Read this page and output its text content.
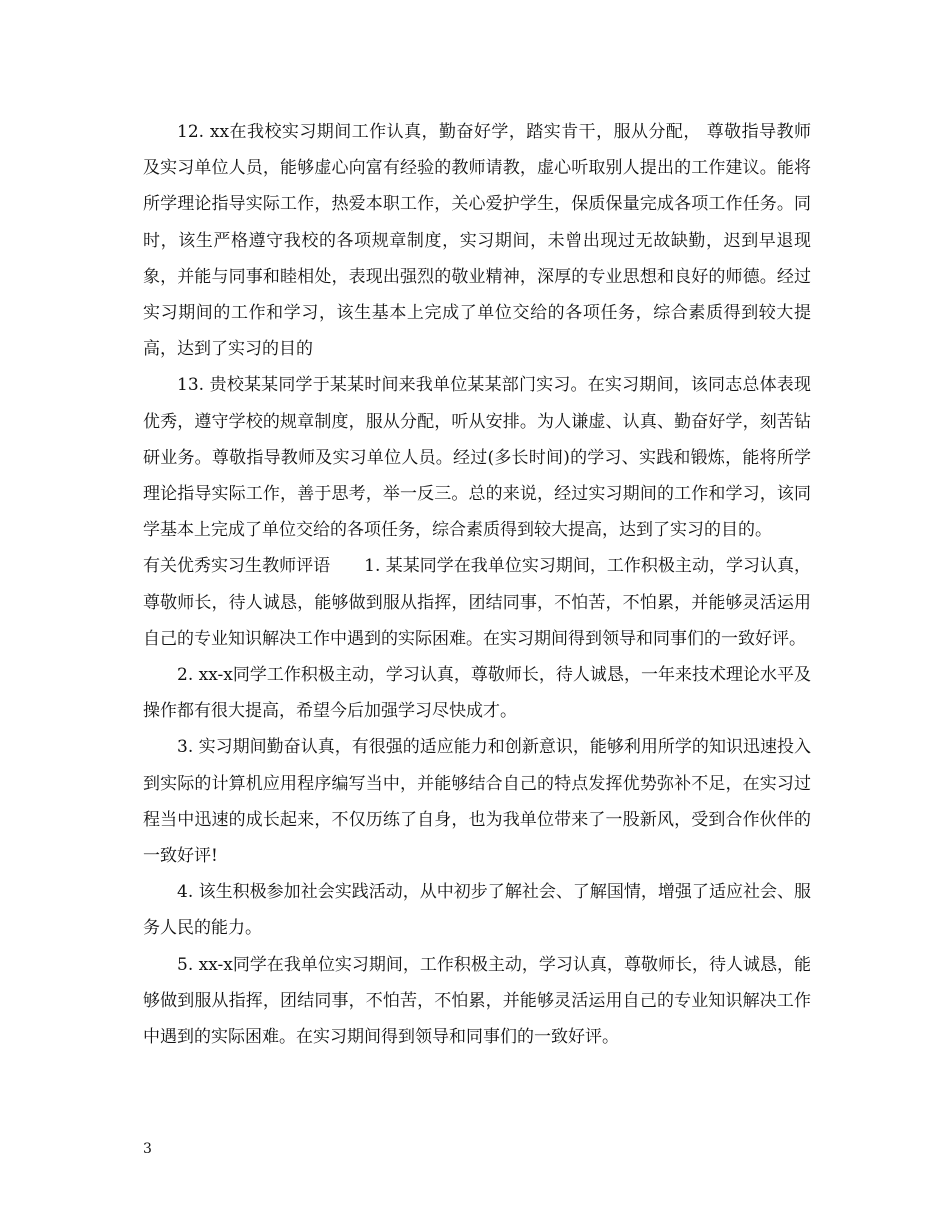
12. xx在我校实习期间工作认真，勤奋好学，踏实肯干，服从分配， 尊敬指导教师及实习单位人员，能够虚心向富有经验的教师请教，虚心听取别人提出的工作建议。能将所学理论指导实际工作，热爱本职工作，关心爱护学生，保质保量完成各项工作任务。同时，该生严格遵守我校的各项规章制度，实习期间，未曾出现过无故缺勤，迟到早退现象，并能与同事和睦相处，表现出强烈的敬业精神，深厚的专业思想和良好的师德。经过实习期间的工作和学习，该生基本上完成了单位交给的各项任务，综合素质得到较大提高，达到了实习的目的

13. 贵校某某同学于某某时间来我单位某某部门实习。在实习期间，该同志总体表现优秀，遵守学校的规章制度，服从分配，听从安排。为人谦虚、认真、勤奋好学，刻苦钻研业务。尊敬指导教师及实习单位人员。经过(多长时间)的学习、实践和锻炼，能将所学理论指导实际工作，善于思考，举一反三。总的来说，经过实习期间的工作和学习，该同学基本上完成了单位交给的各项任务，综合素质得到较大提高，达到了实习的目的。

有关优秀实习生教师评语 1. 某某同学在我单位实习期间，工作积极主动，学习认真，尊敬师长，待人诚恳，能够做到服从指挥，团结同事，不怕苦，不怕累，并能够灵活运用自己的专业知识解决工作中遇到的实际困难。在实习期间得到领导和同事们的一致好评。

2. xx-x同学工作积极主动，学习认真，尊敬师长，待人诚恳，一年来技术理论水平及操作都有很大提高，希望今后加强学习尽快成才。

3. 实习期间勤奋认真，有很强的适应能力和创新意识，能够利用所学的知识迅速投入到实际的计算机应用程序编写当中，并能够结合自己的特点发挥优势弥补不足，在实习过程当中迅速的成长起来，不仅历练了自身，也为我单位带来了一股新风，受到合作伙伴的一致好评!

4. 该生积极参加社会实践活动，从中初步了解社会、了解国情，增强了适应社会、服务人民的能力。

5. xx-x同学在我单位实习期间，工作积极主动，学习认真，尊敬师长，待人诚恳，能够做到服从指挥，团结同事，不怕苦，不怕累，并能够灵活运用自己的专业知识解决工作中遇到的实际困难。在实习期间得到领导和同事们的一致好评。

3
